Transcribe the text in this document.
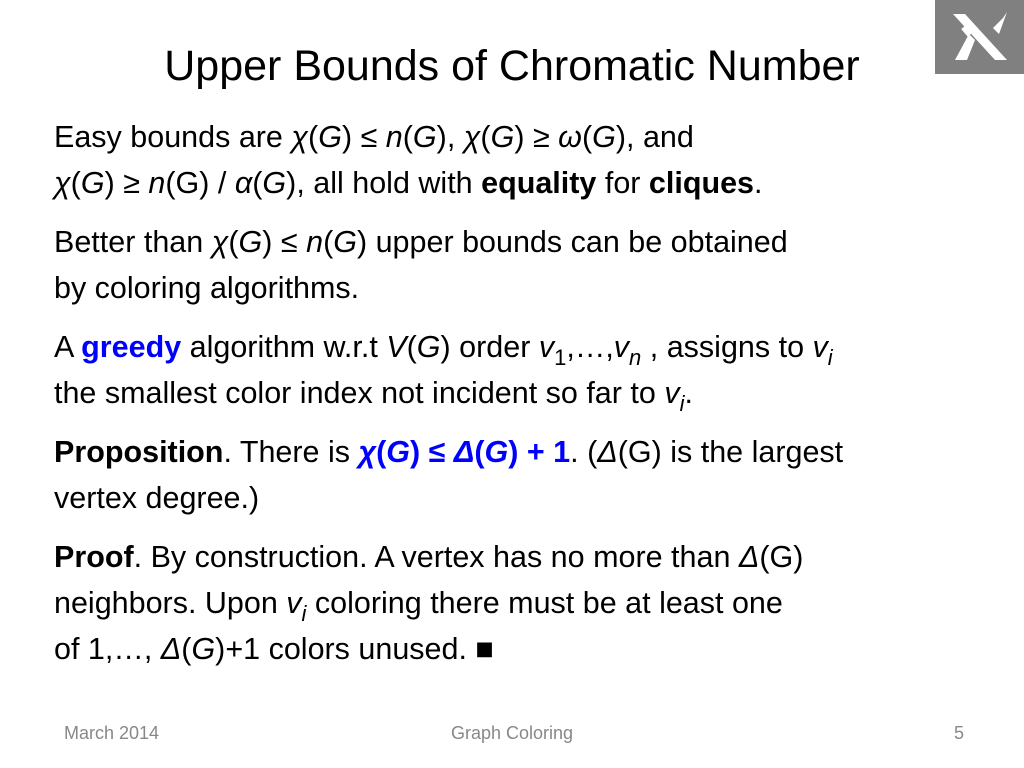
Upper Bounds of Chromatic Number
Easy bounds are χ(G) ≤ n(G), χ(G) ≥ ω(G), and
χ(G) ≥ n(G) / α(G), all hold with equality for cliques.
Better than χ(G) ≤ n(G) upper bounds can be obtained
by coloring algorithms.
A greedy algorithm w.r.t V(G) order $v_1,\dots,v_n$ , assigns to $v_i$
the smallest color index not incident so far to $v_i$.
Proposition. There is χ(G) ≤ Δ(G) + 1. (Δ(G) is the largest
vertex degree.)
Proof. By construction. A vertex has no more than Δ(G)
neighbors. Upon $v_i$ coloring there must be at least one
of 1,…, Δ(G)+1 colors unused. ■
March 2014	Graph Coloring	5
